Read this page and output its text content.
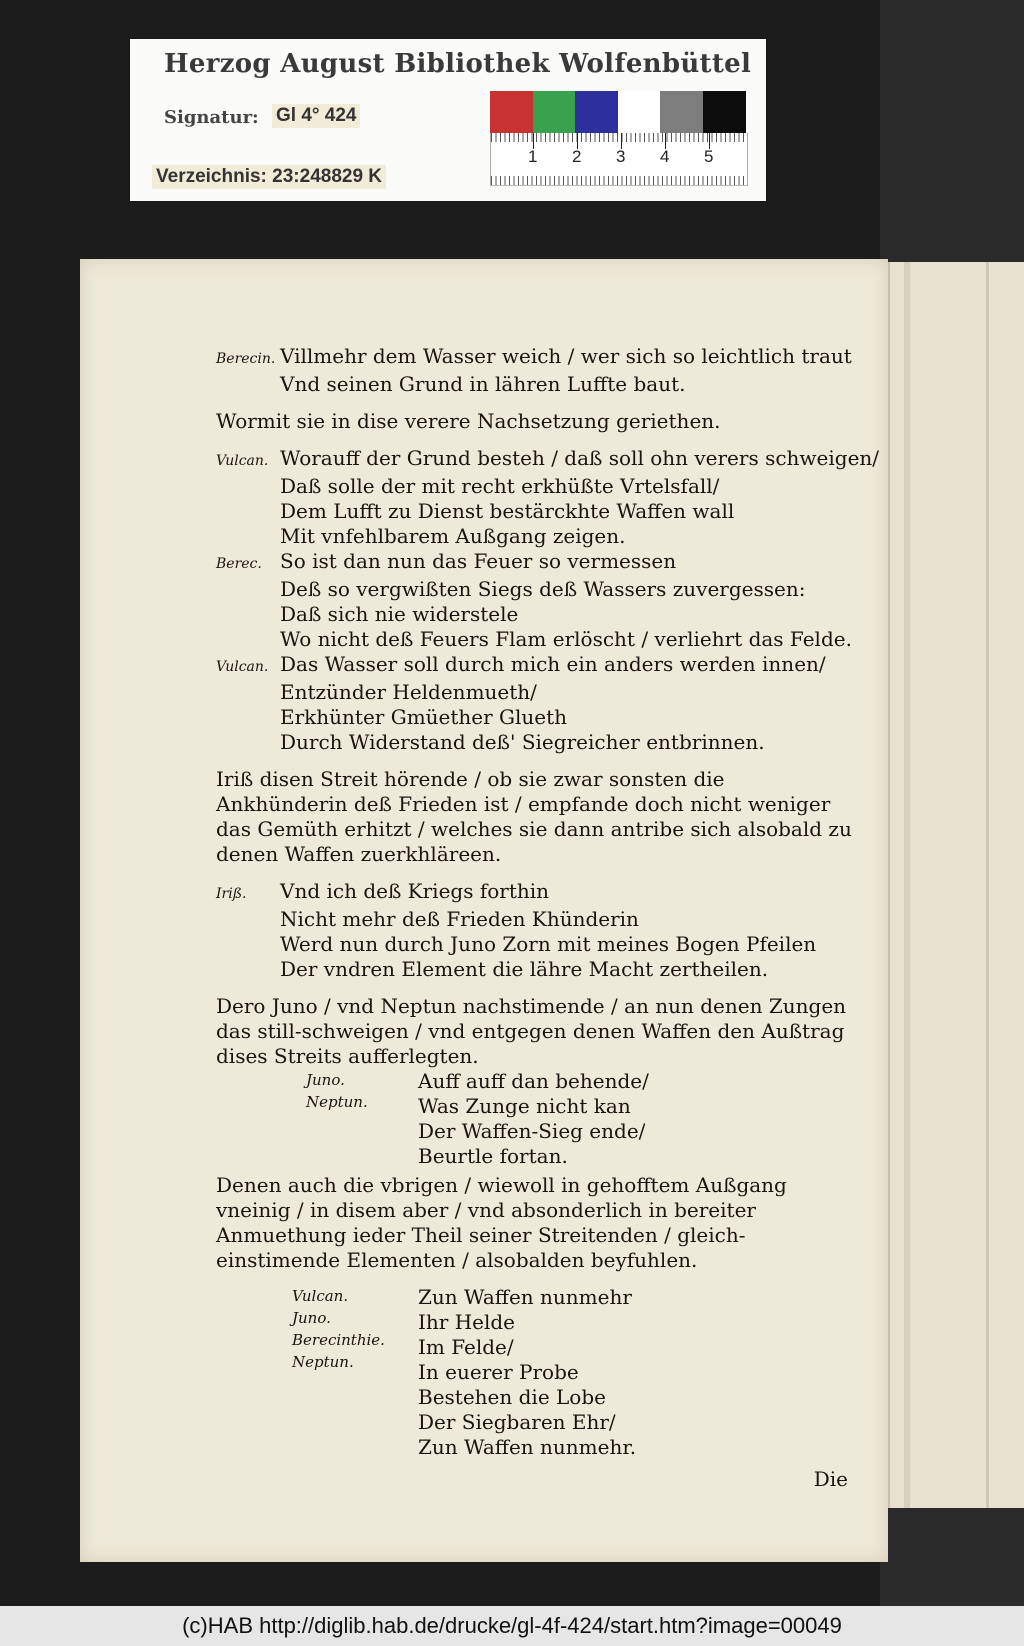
Herzog August Bibliothek Wolfenbüttel
Signatur: Gl 4° 424
Verzeichnis: 23:248829 K
1 2 3 4 5
Berecin. Villmehr dem Wasser weich / wer sich so leichtlich traut
Vnd seinen Grund in lähren Luffte baut.
Wormit sie in dise verere Nachsetzung geriethen.
Vulcan. Worauff der Grund besteh / daß soll ohn verers schweigen/
Daß solle der mit recht erkhüßte Vrtelsfall/
Dem Lufft zu Dienst bestärckhte Waffen wall
Mit vnfehlbarem Außgang zeigen.
Berec. So ist dan nun das Feuer so vermessen
Deß so vergwißten Siegs deß Wassers zuvergessen:
Daß sich nie widerstele
Wo nicht deß Feuers Flam erlöscht / verliehrt das Felde.
Vulcan. Das Wasser soll durch mich ein anders werden innen/
Entzünder Heldenmueth/
Erkhünter Gmüether Glueth
Durch Widerstand deß' Siegreicher entbrinnen.
Iriß disen Streit hörende / ob sie zwar sonsten die Ankhünderin deß Frieden ist / empfande doch nicht weniger das Gemüth erhitzt / welches sie dann antribe sich alsobald zu denen Waffen zuerkhläreen.
Iriß. Vnd ich deß Kriegs forthin
Nicht mehr deß Frieden Khünderin
Werd nun durch Juno Zorn mit meines Bogen Pfeilen
Der vndren Element die lähre Macht zertheilen.
Dero Juno / vnd Neptun nachstimende / an nun denen Zungen das still-schweigen / vnd entgegen denen Waffen den Außtrag dises Streits aufferlegten.
Juno.
Neptun.
Auff auff dan behende/
Was Zunge nicht kan
Der Waffen-Sieg ende/
Beurtle fortan.
Denen auch die vbrigen / wiewoll in gehofftem Außgang vneinig / in disem aber / vnd absonderlich in bereiter Anmuethung ieder Theil seiner Streitenden / gleich-einstimende Elementen / alsobalden beyfuhlen.
Vulcan.
Juno.
Berecinthie.
Neptun.
Zun Waffen nunmehr
Ihr Helde
Im Felde/
In euerer Probe
Bestehen die Lobe
Der Siegbaren Ehr/
Zun Waffen nunmehr.
Die
(c)HAB http://diglib.hab.de/drucke/gl-4f-424/start.htm?image=00049
